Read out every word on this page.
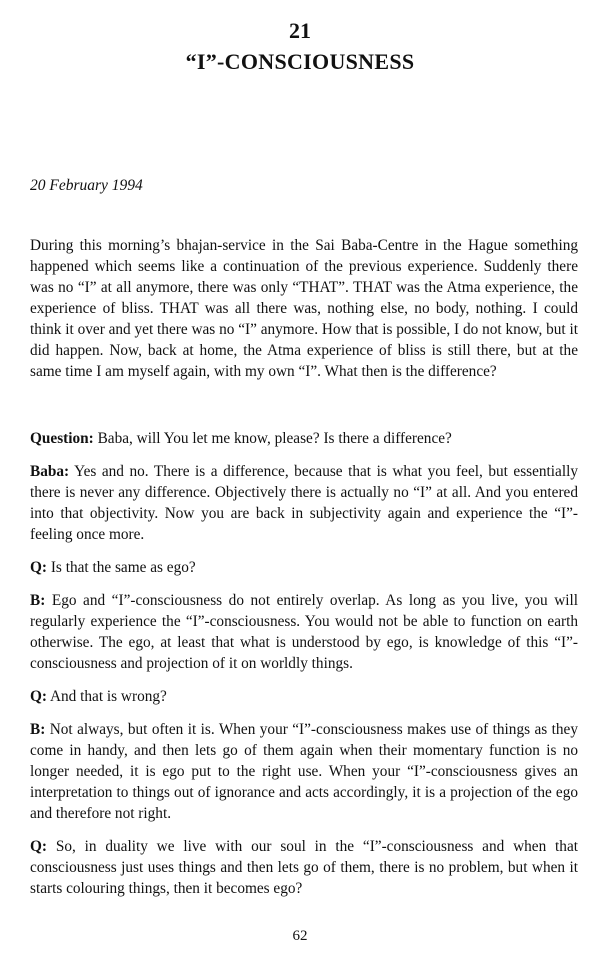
21
“I”-CONSCIOUSNESS
20 February 1994

During this morning’s bhajan-service in the Sai Baba-Centre in the Hague something happened which seems like a continuation of the previous experience. Suddenly there was no “I” at all anymore, there was only “THAT”. THAT was the Atma experience, the experience of bliss. THAT was all there was, nothing else, no body, nothing. I could think it over and yet there was no “I” anymore. How that is possible, I do not know, but it did happen. Now, back at home, the Atma experience of bliss is still there, but at the same time I am myself again, with my own “I”. What then is the difference?

Question: Baba, will You let me know, please? Is there a difference?

Baba: Yes and no. There is a difference, because that is what you feel, but essentially there is never any difference. Objectively there is actually no “I” at all. And you entered into that objectivity. Now you are back in subjectivity again and experience the “I”-feeling once more.

Q: Is that the same as ego?

B: Ego and “I”-consciousness do not entirely overlap. As long as you live, you will regularly experience the “I”-consciousness. You would not be able to function on earth otherwise. The ego, at least that what is understood by ego, is knowledge of this “I”-consciousness and projection of it on worldly things.

Q: And that is wrong?

B: Not always, but often it is. When your “I”-consciousness makes use of things as they come in handy, and then lets go of them again when their momentary function is no longer needed, it is ego put to the right use. When your “I”-consciousness gives an interpretation to things out of ignorance and acts accordingly, it is a projection of the ego and therefore not right.

Q: So, in duality we live with our soul in the “I”-consciousness and when that consciousness just uses things and then lets go of them, there is no problem, but when it starts colouring things, then it becomes ego?

62
